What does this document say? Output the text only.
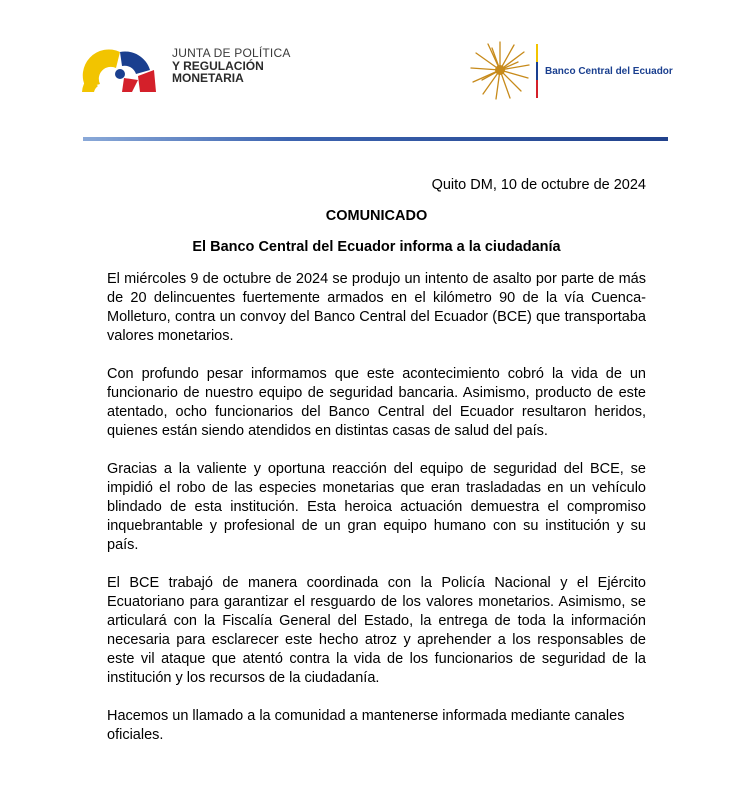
JUNTA DE POLÍTICA
Y REGULACIÓN
MONETARIA	Banco Central del Ecuador
Quito DM, 10 de octubre de 2024
COMUNICADO
El Banco Central del Ecuador informa a la ciudadanía

El miércoles 9 de octubre de 2024 se produjo un intento de asalto por parte de más de 20 delincuentes fuertemente armados en el kilómetro 90 de la vía Cuenca-Molleturo, contra un convoy del Banco Central del Ecuador (BCE) que transportaba valores monetarios.

Con profundo pesar informamos que este acontecimiento cobró la vida de un funcionario de nuestro equipo de seguridad bancaria. Asimismo, producto de este atentado, ocho funcionarios del Banco Central del Ecuador resultaron heridos, quienes están siendo atendidos en distintas casas de salud del país.

Gracias a la valiente y oportuna reacción del equipo de seguridad del BCE, se impidió el robo de las especies monetarias que eran trasladadas en un vehículo blindado de esta institución. Esta heroica actuación demuestra el compromiso inquebrantable y profesional de un gran equipo humano con su institución y su país.

El BCE trabajó de manera coordinada con la Policía Nacional y el Ejército Ecuatoriano para garantizar el resguardo de los valores monetarios. Asimismo, se articulará con la Fiscalía General del Estado, la entrega de toda la información necesaria para esclarecer este hecho atroz y aprehender a los responsables de este vil ataque que atentó contra la vida de los funcionarios de seguridad de la institución y los recursos de la ciudadanía.

Hacemos un llamado a la comunidad a mantenerse informada mediante canales oficiales.
